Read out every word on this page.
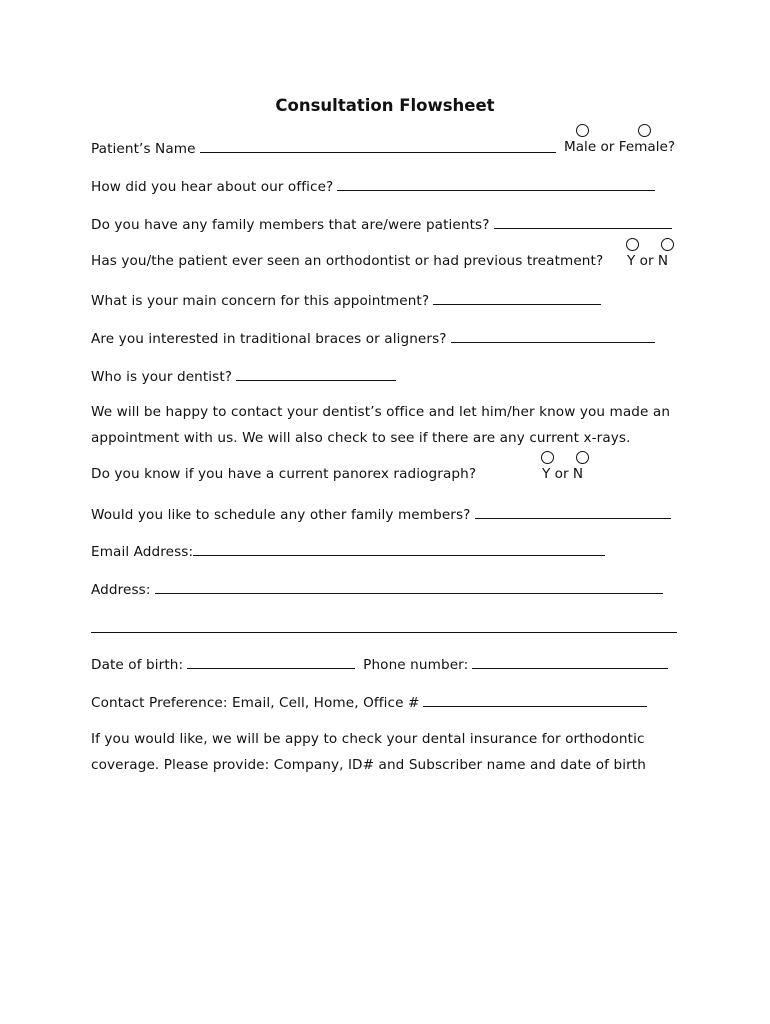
Consultation Flowsheet
Patient’s Name	Male or Female?
How did you hear about our office?
Do you have any family members that are/were patients?
Has you/the patient ever seen an orthodontist or had previous treatment? Y or N
What is your main concern for this appointment?
Are you interested in traditional braces or aligners?
Who is your dentist?
We will be happy to contact your dentist’s office and let him/her know you made an
appointment with us. We will also check to see if there are any current x-rays.
Do you know if you have a current panorex radiograph?	Y or N
Would you like to schedule any other family members?
Email Address:
Address:
Date of birth:	Phone number:
Contact Preference: Email, Cell, Home, Office #
If you would like, we will be appy to check your dental insurance for orthodontic
coverage. Please provide: Company, ID# and Subscriber name and date of birth
